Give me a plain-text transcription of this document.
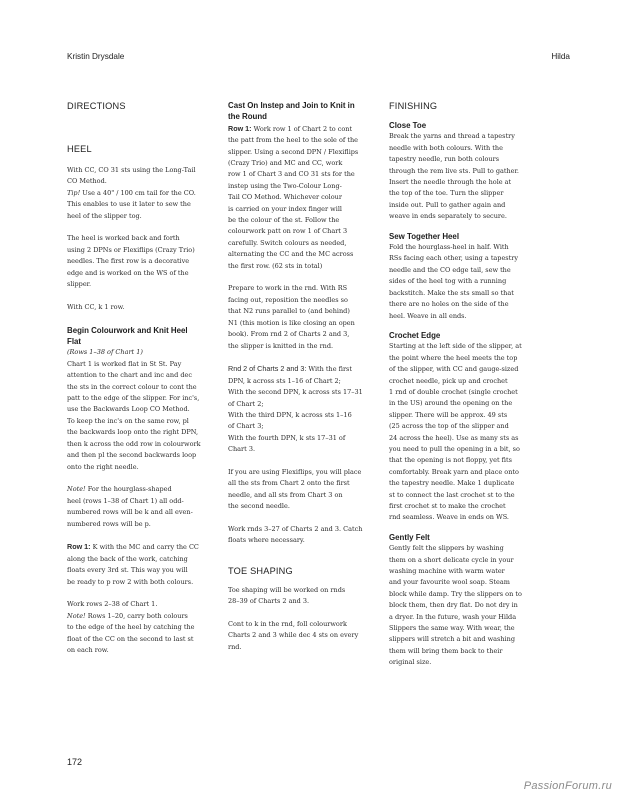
Kristin Drysdale	Hilda
DIRECTIONS
HEEL
With CC, CO 31 sts using the Long-Tail
CO Method.
Tip! Use a 40" / 100 cm tail for the CO.
This enables to use it later to sew the
heel of the slipper tog.
The heel is worked back and forth
using 2 DPNs or Flexiflips (Crazy Trio)
needles. The first row is a decorative
edge and is worked on the WS of the
slipper.
With CC, k 1 row.
Begin Colourwork and Knit Heel
Flat
(Rows 1–38 of Chart 1)
Chart 1 is worked flat in St St. Pay
attention to the chart and inc and dec
the sts in the correct colour to cont the
patt to the edge of the slipper. For inc's,
use the Backwards Loop CO Method.
To keep the inc's on the same row, pl
the backwards loop onto the right DPN,
then k across the odd row in colourwork
and then pl the second backwards loop
onto the right needle.
Note! For the hourglass-shaped
heel (rows 1–38 of Chart 1) all odd-
numbered rows will be k and all even-
numbered rows will be p.
Row 1: K with the MC and carry the CC
along the back of the work, catching
floats every 3rd st. This way you will
be ready to p row 2 with both colours.
Work rows 2–38 of Chart 1.
Note! Rows 1–20, carry both colours
to the edge of the heel by catching the
float of the CC on the second to last st
on each row.
Cast On Instep and Join to Knit in
the Round
Row 1: Work row 1 of Chart 2 to cont
the patt from the heel to the sole of the
slipper. Using a second DPN / Flexiflips
(Crazy Trio) and MC and CC, work
row 1 of Chart 3 and CO 31 sts for the
instep using the Two-Colour Long-
Tail CO Method. Whichever colour
is carried on your index finger will
be the colour of the st. Follow the
colourwork patt on row 1 of Chart 3
carefully. Switch colours as needed,
alternating the CC and the MC across
the first row. (62 sts in total)
Prepare to work in the rnd. With RS
facing out, reposition the needles so
that N2 runs parallel to (and behind)
N1 (this motion is like closing an open
book). From rnd 2 of Charts 2 and 3,
the slipper is knitted in the rnd.
Rnd 2 of Charts 2 and 3: With the first
DPN, k across sts 1–16 of Chart 2;
With the second DPN, k across sts 17–31
of Chart 2;
With the third DPN, k across sts 1–16
of Chart 3;
With the fourth DPN, k sts 17–31 of
Chart 3.
If you are using Flexiflips, you will place
all the sts from Chart 2 onto the first
needle, and all sts from Chart 3 on
the second needle.
Work rnds 3–27 of Charts 2 and 3. Catch
floats where necessary.
TOE SHAPING
Toe shaping will be worked on rnds
28–39 of Charts 2 and 3.
Cont to k in the rnd, foll colourwork
Charts 2 and 3 while dec 4 sts on every
rnd.
FINISHING
Close Toe
Break the yarns and thread a tapestry
needle with both colours. With the
tapestry needle, run both colours
through the rem live sts. Pull to gather.
Insert the needle through the hole at
the top of the toe. Turn the slipper
inside out. Pull to gather again and
weave in ends separately to secure.
Sew Together Heel
Fold the hourglass-heel in half. With
RSs facing each other, using a tapestry
needle and the CO edge tail, sew the
sides of the heel tog with a running
backstitch. Make the sts small so that
there are no holes on the side of the
heel. Weave in all ends.
Crochet Edge
Starting at the left side of the slipper, at
the point where the heel meets the top
of the slipper, with CC and gauge-sized
crochet needle, pick up and crochet
1 rnd of double crochet (single crochet
in the US) around the opening on the
slipper. There will be approx. 49 sts
(25 across the top of the slipper and
24 across the heel). Use as many sts as
you need to pull the opening in a bit, so
that the opening is not floppy, yet fits
comfortably. Break yarn and place onto
the tapestry needle. Make 1 duplicate
st to connect the last crochet st to the
first crochet st to make the crochet
rnd seamless. Weave in ends on WS.
Gently Felt
Gently felt the slippers by washing
them on a short delicate cycle in your
washing machine with warm water
and your favourite wool soap. Steam
block while damp. Try the slippers on to
block them, then dry flat. Do not dry in
a dryer. In the future, wash your Hilda
Slippers the same way. With wear, the
slippers will stretch a bit and washing
them will bring them back to their
original size.
172
PassionForum.ru
